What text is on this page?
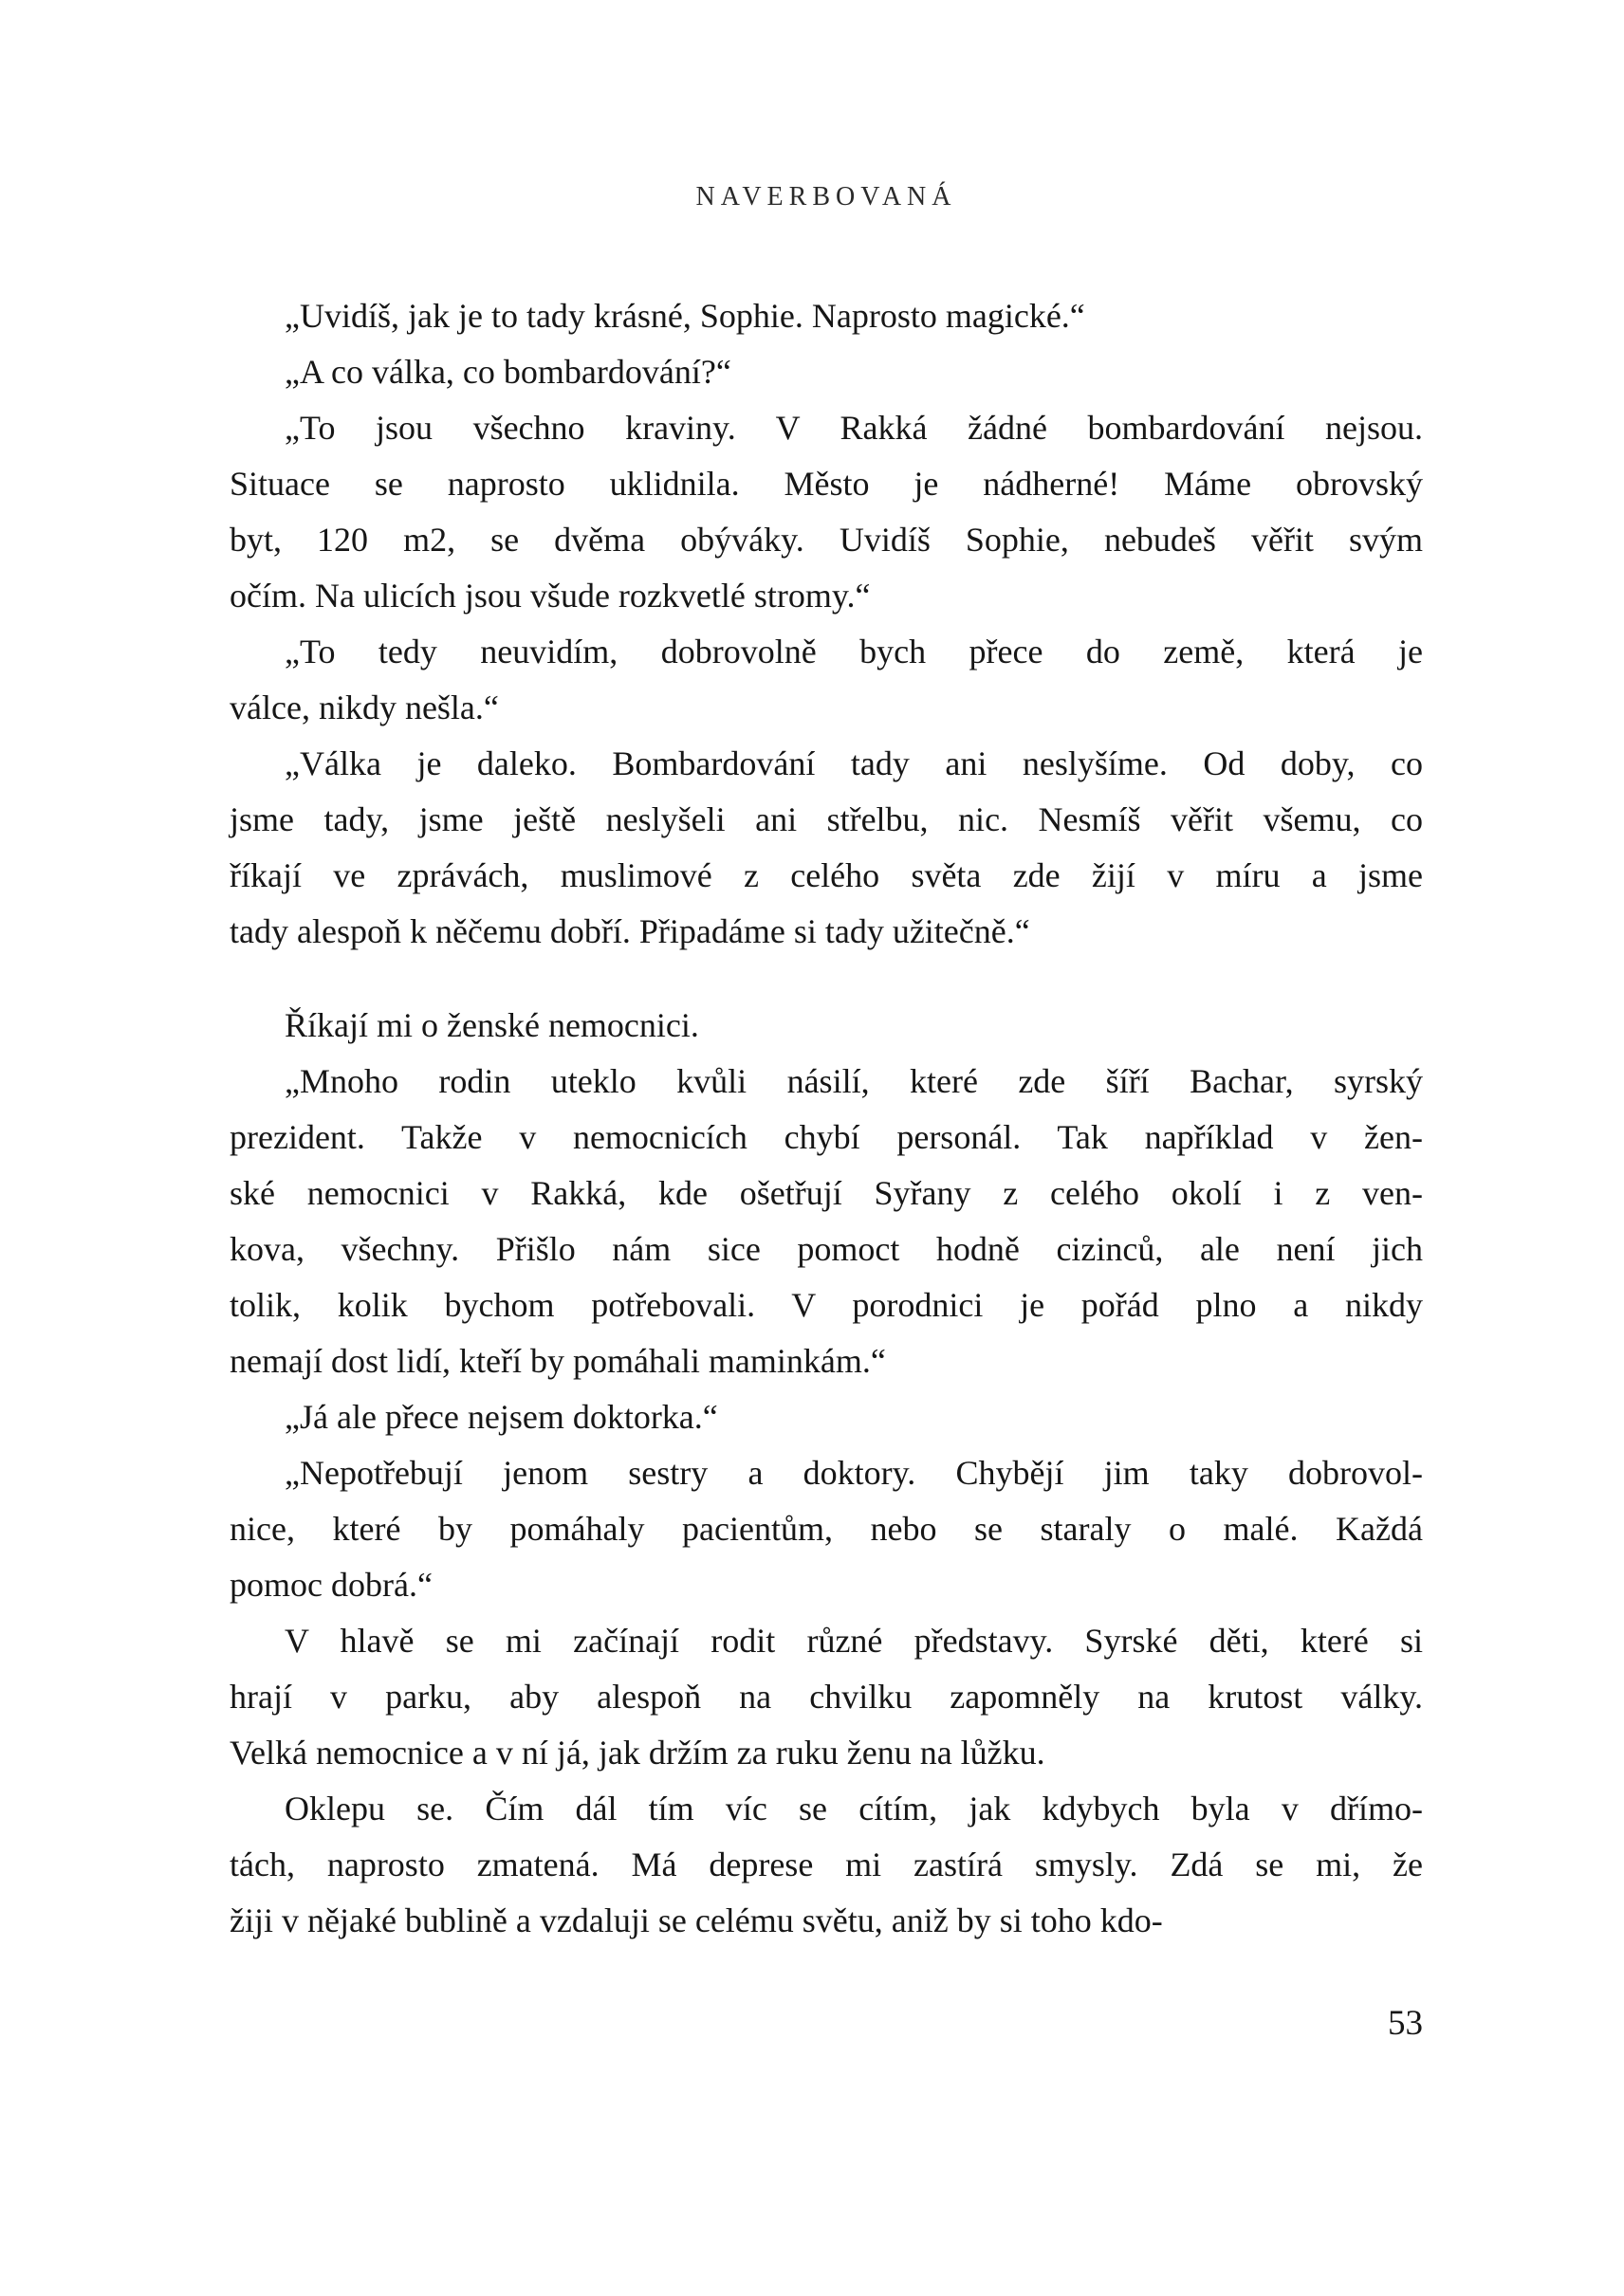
NAVERBOVANÁ
„Uvidíš, jak je to tady krásné, Sophie. Naprosto magické.“
„A co válka, co bombardování?“
„To jsou všechno kraviny. V Rakká žádné bombardování nejsou.
Situace se naprosto uklidnila. Město je nádherné! Máme obrovský
byt, 120 m2, se dvěma obýváky. Uvidíš Sophie, nebudeš věřit svým
očím. Na ulicích jsou všude rozkvetlé stromy.“
„To tedy neuvidím, dobrovolně bych přece do země, která je
válce, nikdy nešla.“
„Válka je daleko. Bombardování tady ani neslyšíme. Od doby, co
jsme tady, jsme ještě neslyšeli ani střelbu, nic. Nesmíš věřit všemu, co
říkají ve zprávách, muslimové z celého světa zde žijí v míru a jsme
tady alespoň k něčemu dobří. Připadáme si tady užitečně.“
Říkají mi o ženské nemocnici.
„Mnoho rodin uteklo kvůli násilí, které zde šíří Bachar, syrský
prezident. Takže v nemocnicích chybí personál. Tak například v žen-
ské nemocnici v Rakká, kde ošetřují Syřany z celého okolí i z ven-
kova, všechny. Přišlo nám sice pomoct hodně cizinců, ale není jich
tolik, kolik bychom potřebovali. V porodnici je pořád plno a nikdy
nemají dost lidí, kteří by pomáhali maminkám.“
„Já ale přece nejsem doktorka.“
„Nepotřebují jenom sestry a doktory. Chybějí jim taky dobrovol-
nice, které by pomáhaly pacientům, nebo se staraly o malé. Každá
pomoc dobrá.“
V hlavě se mi začínají rodit různé představy. Syrské děti, které si
hrají v parku, aby alespoň na chvilku zapomněly na krutost války.
Velká nemocnice a v ní já, jak držím za ruku ženu na lůžku.
Oklepu se. Čím dál tím víc se cítím, jak kdybych byla v dřímo-
tách, naprosto zmatená. Má deprese mi zastírá smysly. Zdá se mi, že
žiji v nějaké bublině a vzdaluji se celému světu, aniž by si toho kdo-
53
